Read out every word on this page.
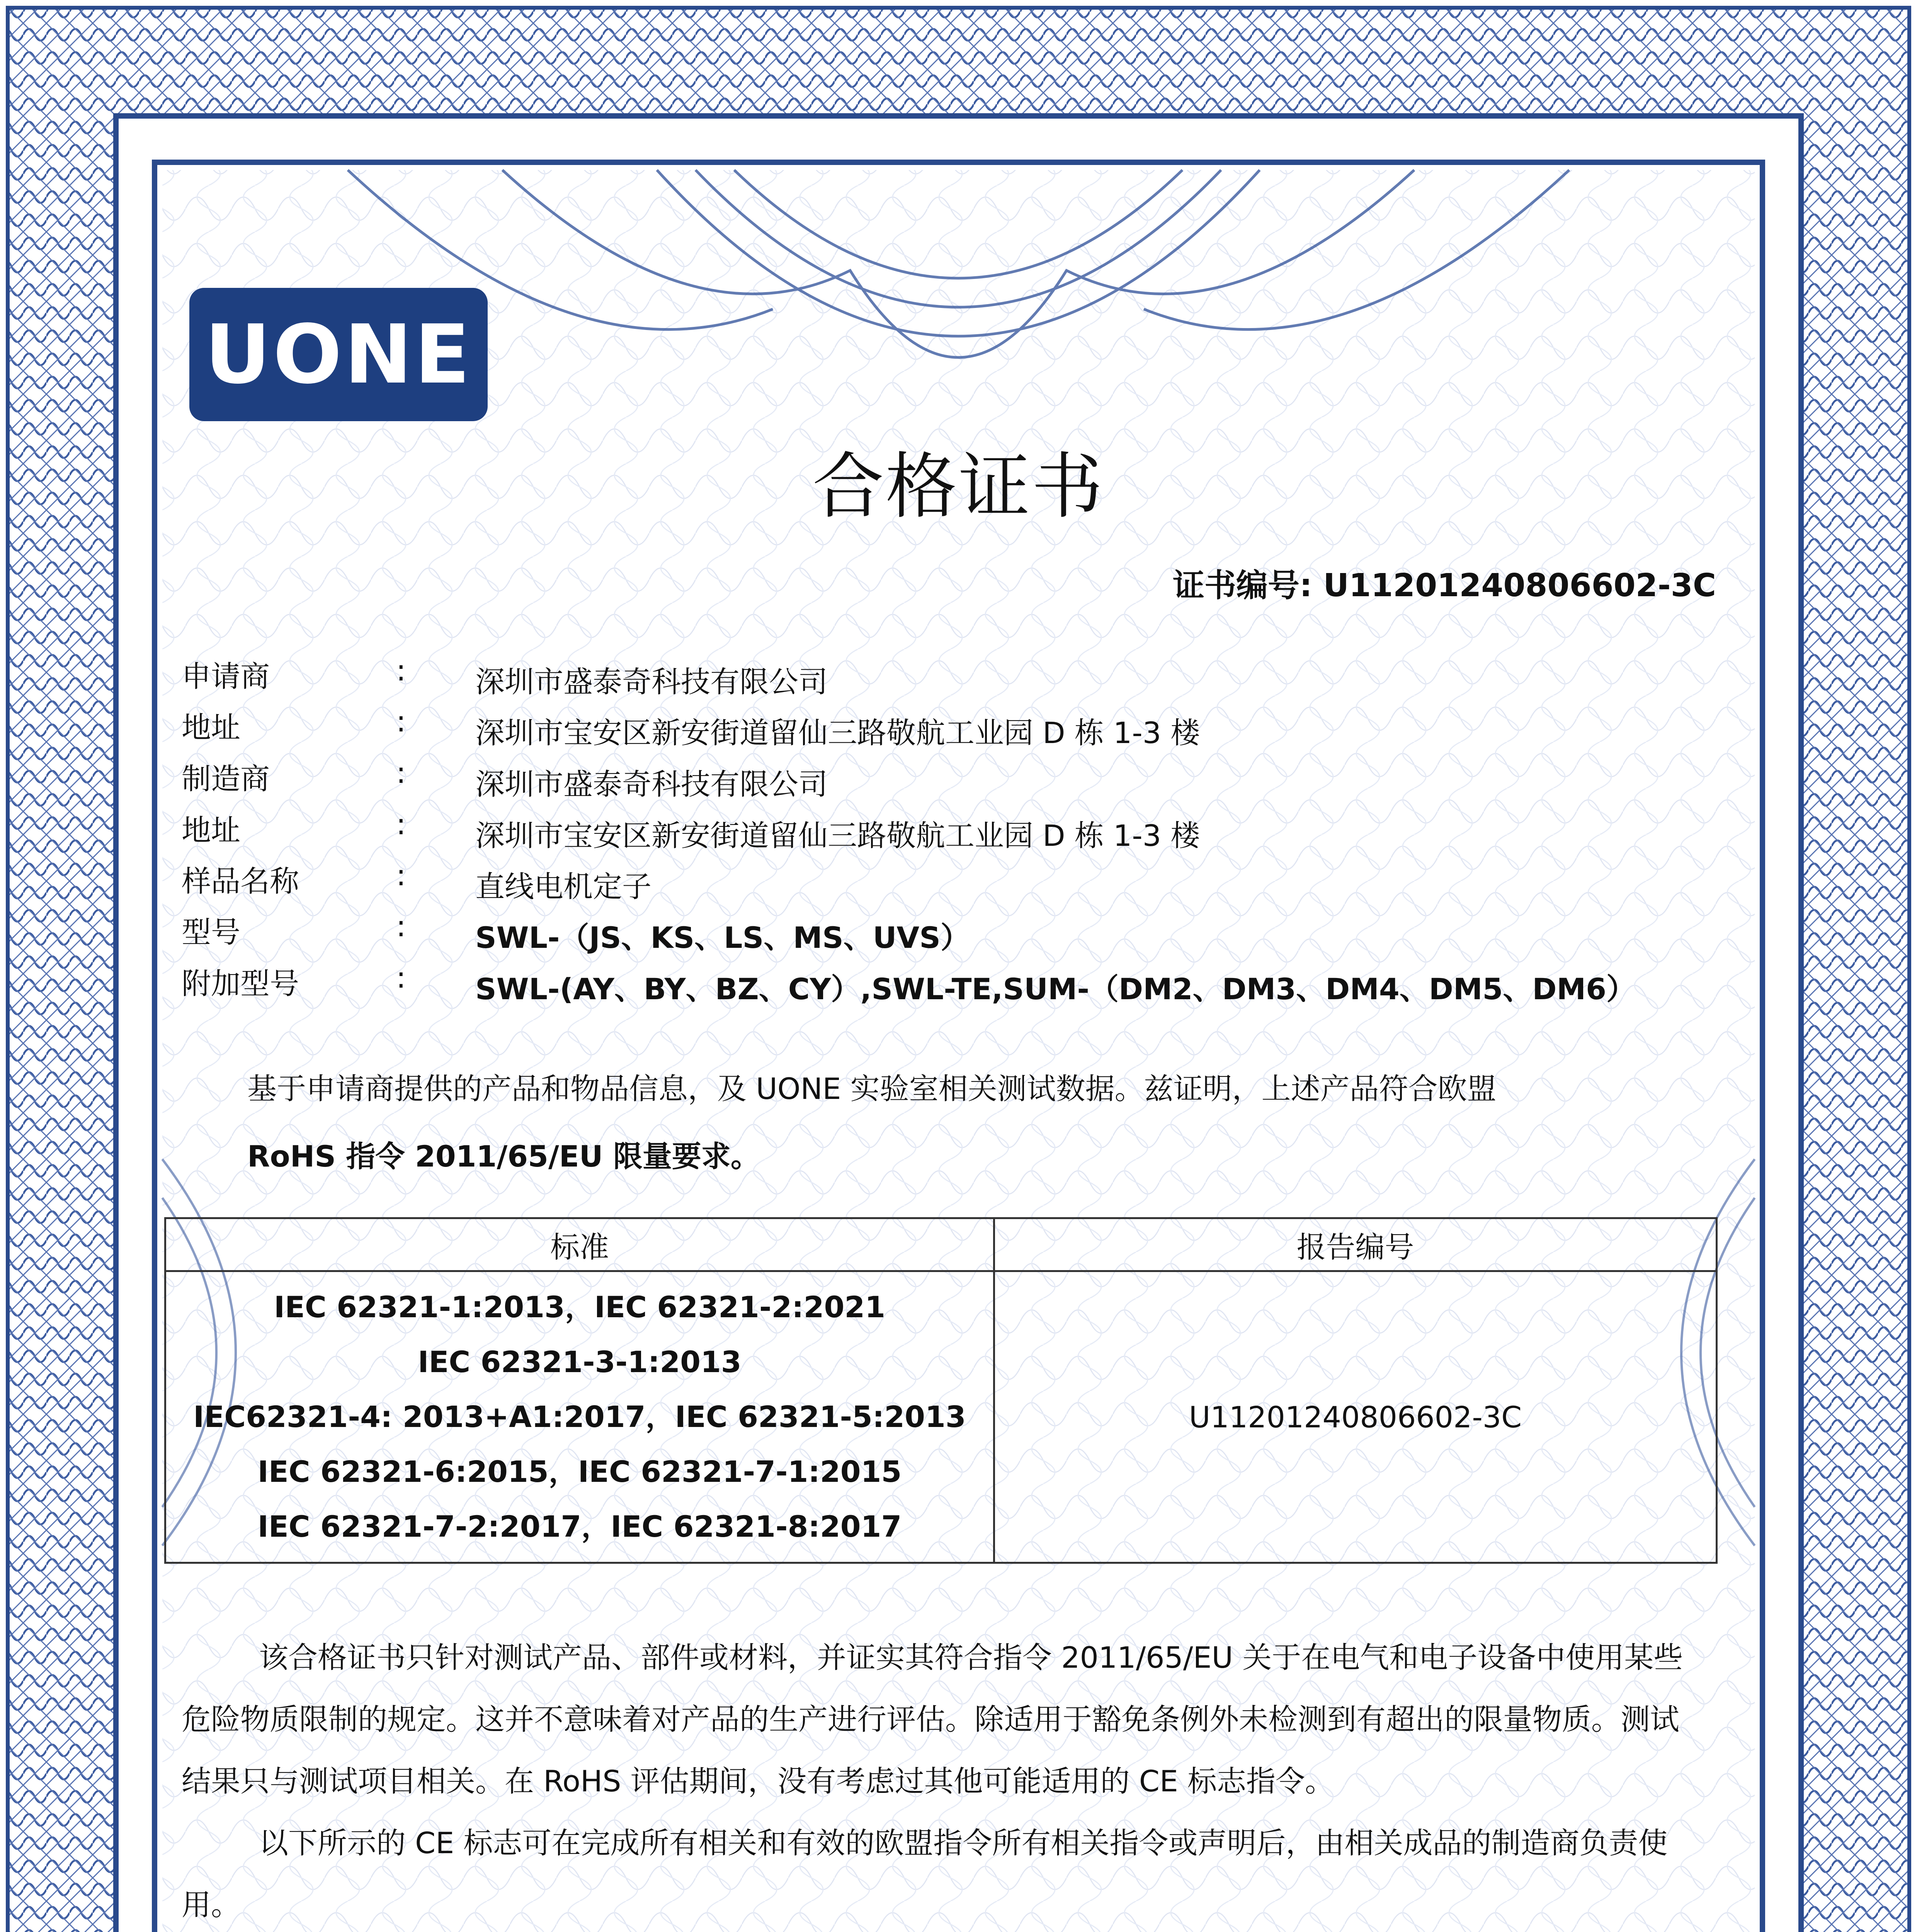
UONE
合格证书
证书编号: U11201240806602-3C
申请商	: 深圳市盛泰奇科技有限公司
地址	: 深圳市宝安区新安街道留仙三路敬航工业园 D 栋 1-3 楼
制造商	: 深圳市盛泰奇科技有限公司
地址	: 深圳市宝安区新安街道留仙三路敬航工业园 D 栋 1-3 楼
样品名称	: 直线电机定子
型号	: SWL-（JS、KS、LS、MS、UVS）
附加型号	: SWL-(AY、BY、BZ、CY）,SWL-TE,SUM-（DM2、DM3、DM4、DM5、DM6）
基于申请商提供的产品和物品信息，及 UONE 实验室相关测试数据。兹证明，上述产品符合欧盟
RoHS 指令 2011/65/EU 限量要求。
标准	报告编号

IEC 62321-1:2013，IEC 62321-2:2021
IEC 62321-3-1:2013
IEC62321-4: 2013+A1:2017，IEC 62321-5:2013
IEC 62321-6:2015，IEC 62321-7-1:2015
IEC 62321-7-2:2017，IEC 62321-8:2017	U11201240806602-3C

该合格证书只针对测试产品、部件或材料，并证实其符合指令 2011/65/EU 关于在电气和电子设备中使用某些危险物质限制的规定。这并不意味着对产品的生产进行评估。除适用于豁免条例外未检测到有超出的限量物质。测试结果只与测试项目相关。在 RoHS 评估期间，没有考虑过其他可能适用的 CE 标志指令。

以下所示的 CE 标志可在完成所有相关和有效的欧盟指令所有相关指令或声明后，由相关成品的制造商负责使用。
